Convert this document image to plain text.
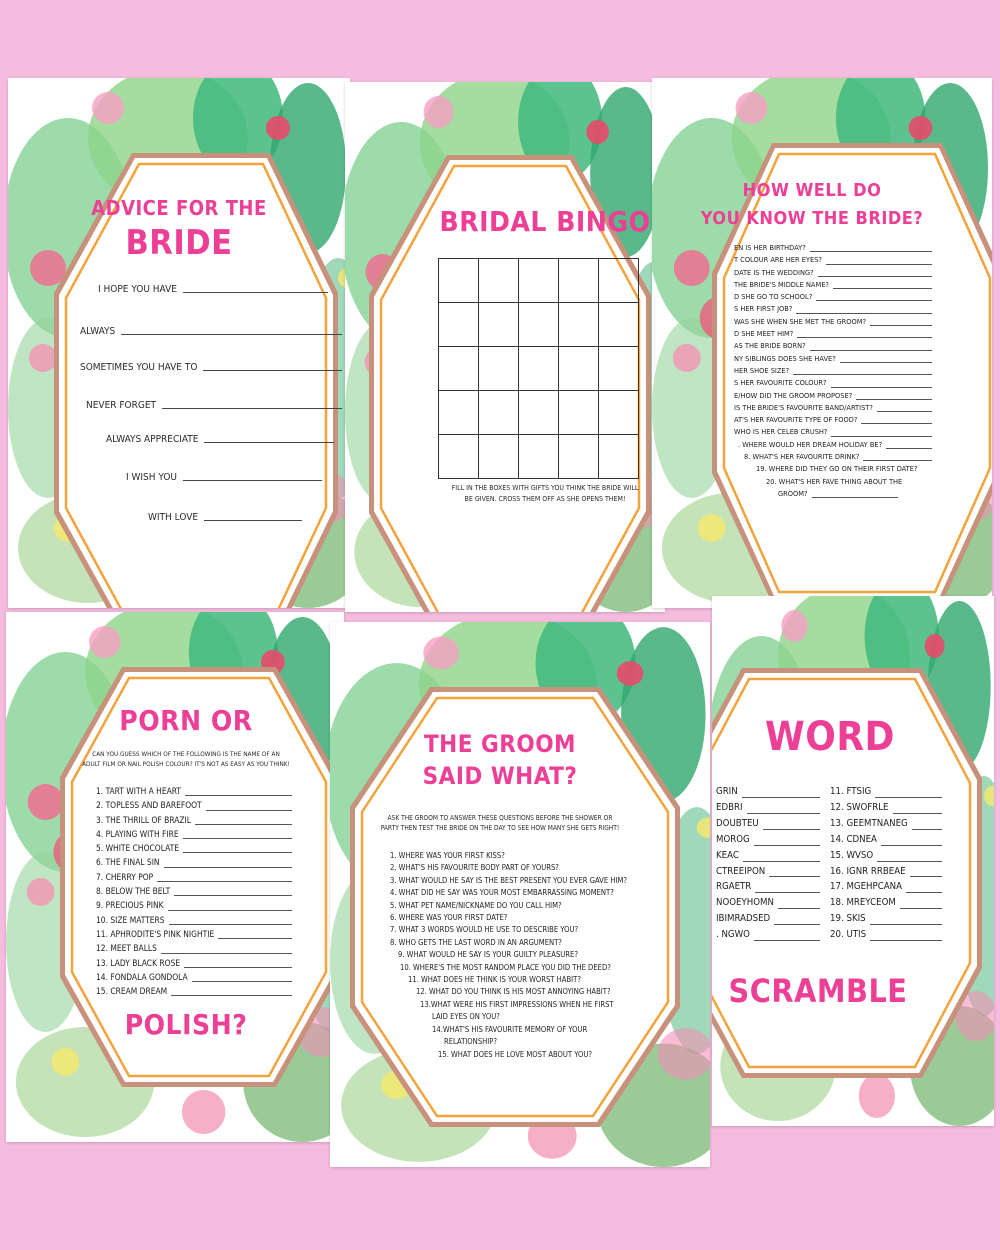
ADVICE FOR THE
BRIDE
I HOPE YOU HAVE
ALWAYS
SOMETIMES YOU HAVE TO
NEVER FORGET
ALWAYS APPRECIATE
I WISH YOU
WITH LOVE
BRIDAL BINGO

FILL IN THE BOXES WITH GIFTS YOU THINK THE BRIDE WILL
BE GIVEN. CROSS THEM OFF AS SHE OPENS THEM!
HOW WELL DO
YOU KNOW THE BRIDE?
EN IS HER BIRTHDAY?
T COLOUR ARE HER EYES?
DATE IS THE WEDDING?
THE BRIDE'S MIDDLE NAME?
D SHE GO TO SCHOOL?
S HER FIRST JOB?
WAS SHE WHEN SHE MET THE GROOM?
D SHE MEET HIM?
AS THE BRIDE BORN?
NY SIBLINGS DOES SHE HAVE?
HER SHOE SIZE?
S HER FAVOURITE COLOUR?
E/HOW DID THE GROOM PROPOSE?
IS THE BRIDE'S FAVOURITE BAND/ARTIST?
AT'S HER FAVOURITE TYPE OF FOOD?
WHO IS HER CELEB CRUSH?
. WHERE WOULD HER DREAM HOLIDAY BE?
8. WHAT'S HER FAVOURITE DRINK?
19. WHERE DID THEY GO ON THEIR FIRST DATE?
20. WHAT'S HER FAVE THING ABOUT THE
GROOM?
PORN OR
CAN YOU GUESS WHICH OF THE FOLLOWING IS THE NAME OF AN
ADULT FILM OR NAIL POLISH COLOUR? IT'S NOT AS EASY AS YOU THINK!
1. TART WITH A HEART
2. TOPLESS AND BAREFOOT
3. THE THRILL OF BRAZIL
4. PLAYING WITH FIRE
5. WHITE CHOCOLATE
6. THE FINAL SIN
7. CHERRY POP
8. BELOW THE BELT
9. PRECIOUS PINK
10. SIZE MATTERS
11. APHRODITE'S PINK NIGHTIE
12. MEET BALLS
13. LADY BLACK ROSE
14. FONDALA GONDOLA
15. CREAM DREAM
POLISH?
THE GROOM
SAID WHAT?
ASK THE GROOM TO ANSWER THESE QUESTIONS BEFORE THE SHOWER OR
PARTY THEN TEST THE BRIDE ON THE DAY TO SEE HOW MANY SHE GETS RIGHT!
1. WHERE WAS YOUR FIRST KISS?
2. WHAT'S HIS FAVOURITE BODY PART OF YOURS?
3. WHAT WOULD HE SAY IS THE BEST PRESENT YOU EVER GAVE HIM?
4. WHAT DID HE SAY WAS YOUR MOST EMBARRASSING MOMENT?
5. WHAT PET NAME/NICKNAME DO YOU CALL HIM?
6. WHERE WAS YOUR FIRST DATE?
7. WHAT 3 WORDS WOULD HE USE TO DESCRIBE YOU?
8. WHO GETS THE LAST WORD IN AN ARGUMENT?
9. WHAT WOULD HE SAY IS YOUR GUILTY PLEASURE?
10. WHERE'S THE MOST RANDOM PLACE YOU DID THE DEED?
11. WHAT DOES HE THINK IS YOUR WORST HABIT?
12. WHAT DO YOU THINK IS HIS MOST ANNOYING HABIT?
13.WHAT WERE HIS FIRST IMPRESSIONS WHEN HE FIRST
LAID EYES ON YOU?
14.WHAT'S HIS FAVOURITE MEMORY OF YOUR
RELATIONSHIP?
15. WHAT DOES HE LOVE MOST ABOUT YOU?
WORD
GRIN
EDBRI
DOUBTEU
MOROG
KEAC
CTREEIPON
RGAETR
NOOEYHOMN
IBIMRADSED
. NGWO
11. FTSIG
12. SWOFRLE
13. GEEMTNANEG
14. CDNEA
15. WVSO
16. IGNR RRBEAE
17. MGEHPCANA
18. MREYCEOM
19. SKIS
20. UTIS
SCRAMBLE
